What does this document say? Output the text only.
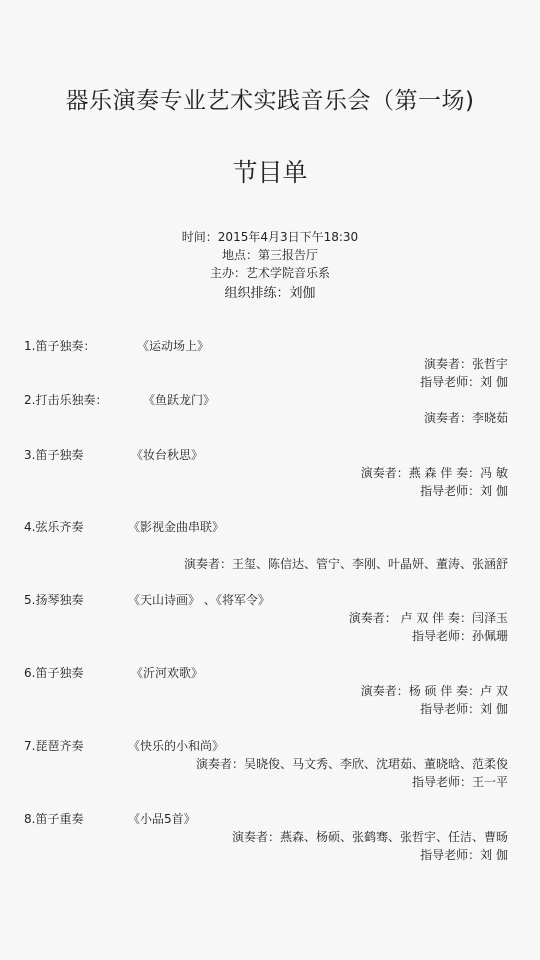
器乐演奏专业艺术实践音乐会（第一场)
节目单
时间：2015年4月3日下午18:30
地点：第三报告厅
主办：艺术学院音乐系
组织排练：刘伽
1.笛子独奏：	《运动场上》
演奏者：张哲宇
指导老师：刘 伽
2.打击乐独奏：	《鱼跃龙门》
演奏者：李晓茹
3.笛子独奏	《妆台秋思》
演奏者：燕 森 伴 奏：冯 敏
指导老师：刘 伽
4.弦乐齐奏	《影视金曲串联》
演奏者：王玺、陈信达、管宁、李刚、叶晶妍、董涛、张涵舒
5.扬琴独奏	《天山诗画》 、《将军令》
演奏者： 卢 双 伴 奏：闫泽玉
指导老师：孙佩珊
6.笛子独奏	《沂河欢歌》
演奏者：杨 硕 伴 奏：卢 双
指导老师：刘 伽
7.琵琶齐奏	《快乐的小和尚》
演奏者：吴晓俊、马文秀、李欣、沈珺茹、董晓晗、范柔俊
指导老师：王一平
8.笛子重奏	《小品5首》
演奏者：燕森、杨硕、张鹤骞、张哲宇、任洁、曹旸
指导老师：刘 伽
